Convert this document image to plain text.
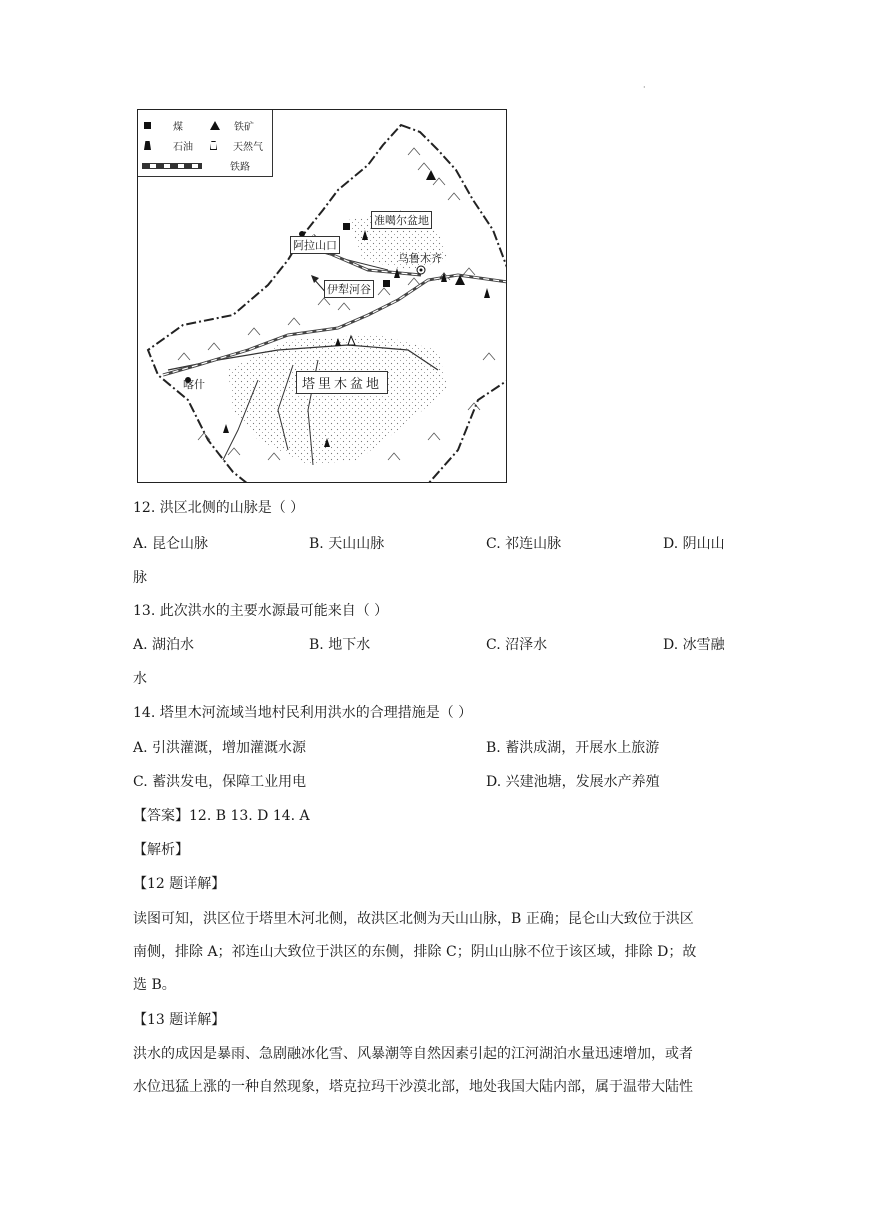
·
煤	铁矿
石油	天然气
铁路
准噶尔盆地
阿拉山口
乌鲁木齐
伊犁河谷
塔里木盆地
喀什
12. 洪区北侧的山脉是（ ）
A. 昆仑山脉	B. 天山山脉	C. 祁连山脉	D. 阴山山
脉
13. 此次洪水的主要水源最可能来自（ ）
A. 湖泊水	B. 地下水	C. 沼泽水	D. 冰雪融
水
14. 塔里木河流域当地村民利用洪水的合理措施是（ ）
A. 引洪灌溉，增加灌溉水源	B. 蓄洪成湖，开展水上旅游
C. 蓄洪发电，保障工业用电	D. 兴建池塘，发展水产养殖
【答案】12. B 13. D 14. A
【解析】
【12 题详解】
读图可知，洪区位于塔里木河北侧，故洪区北侧为天山山脉，B 正确；昆仑山大致位于洪区
南侧，排除 A；祁连山大致位于洪区的东侧，排除 C；阴山山脉不位于该区域，排除 D；故
选 B。
【13 题详解】
洪水的成因是暴雨、急剧融冰化雪、风暴潮等自然因素引起的江河湖泊水量迅速增加，或者
水位迅猛上涨的一种自然现象，塔克拉玛干沙漠北部，地处我国大陆内部，属于温带大陆性
